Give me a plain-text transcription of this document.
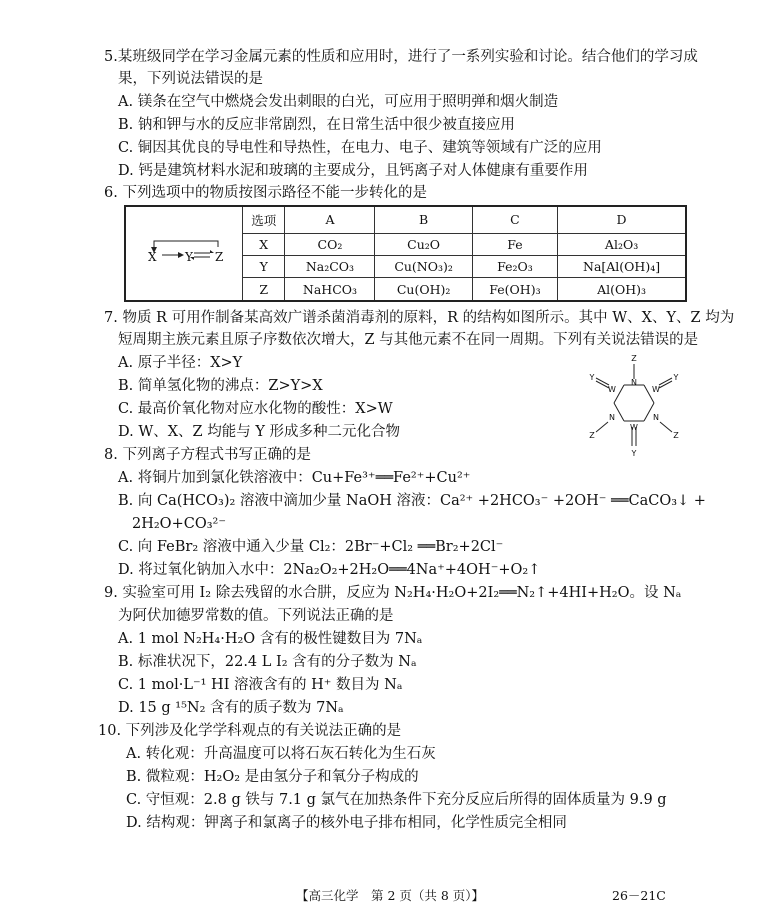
5.某班级同学在学习金属元素的性质和应用时，进行了一系列实验和讨论。结合他们的学习成
果，下列说法错误的是
A. 镁条在空气中燃烧会发出刺眼的白光，可应用于照明弹和烟火制造
B. 钠和钾与水的反应非常剧烈，在日常生活中很少被直接应用
C. 铜因其优良的导电性和导热性，在电力、电子、建筑等领域有广泛的应用
D. 钙是建筑材料水泥和玻璃的主要成分，且钙离子对人体健康有重要作用
6. 下列选项中的物质按图示路径不能一步转化的是
X Y Z	选项	A	B	C	D
	X	CO₂	Cu₂O	Fe	Al₂O₃
	Y	Na₂CO₃	Cu(NO₃)₂	Fe₂O₃	Na[Al(OH)₄]
	Z	NaHCO₃	Cu(OH)₂	Fe(OH)₃	Al(OH)₃
7. 物质 R 可用作制备某高效广谱杀菌消毒剂的原料，R 的结构如图所示。其中 W、X、Y、Z 均为
短周期主族元素且原子序数依次增大，Z 与其他元素不在同一周期。下列有关说法错误的是
A. 原子半径：X>Y
B. 简单氢化物的沸点：Z>Y>X
C. 最高价氧化物对应水化物的酸性：X>W
D. W、X、Z 均能与 Y 形成多种二元化合物
Z
N
Y	Y
W	W
N	N
Z	Z
W
Y
8. 下列离子方程式书写正确的是
A. 将铜片加到氯化铁溶液中：Cu+Fe³⁺══Fe²⁺+Cu²⁺
B. 向 Ca(HCO₃)₂ 溶液中滴加少量 NaOH 溶液：Ca²⁺ +2HCO₃⁻ +2OH⁻ ══CaCO₃↓ +
2H₂O+CO₃²⁻
C. 向 FeBr₂ 溶液中通入少量 Cl₂：2Br⁻+Cl₂ ══Br₂+2Cl⁻
D. 将过氧化钠加入水中：2Na₂O₂+2H₂O══4Na⁺+4OH⁻+O₂↑
9. 实验室可用 I₂ 除去残留的水合肼，反应为 N₂H₄·H₂O+2I₂══N₂↑+4HI+H₂O。设 Nₐ
为阿伏加德罗常数的值。下列说法正确的是
A. 1 mol N₂H₄·H₂O 含有的极性键数目为 7Nₐ
B. 标准状况下，22.4 L I₂ 含有的分子数为 Nₐ
C. 1 mol·L⁻¹ HI 溶液含有的 H⁺ 数目为 Nₐ
D. 15 g ¹⁵N₂ 含有的质子数为 7Nₐ
10. 下列涉及化学学科观点的有关说法正确的是
A. 转化观：升高温度可以将石灰石转化为生石灰
B. 微粒观：H₂O₂ 是由氢分子和氧分子构成的
C. 守恒观：2.8 g 铁与 7.1 g 氯气在加热条件下充分反应后所得的固体质量为 9.9 g
D. 结构观：钾离子和氯离子的核外电子排布相同，化学性质完全相同
【高三化学　第 2 页（共 8 页）】	26－21C
